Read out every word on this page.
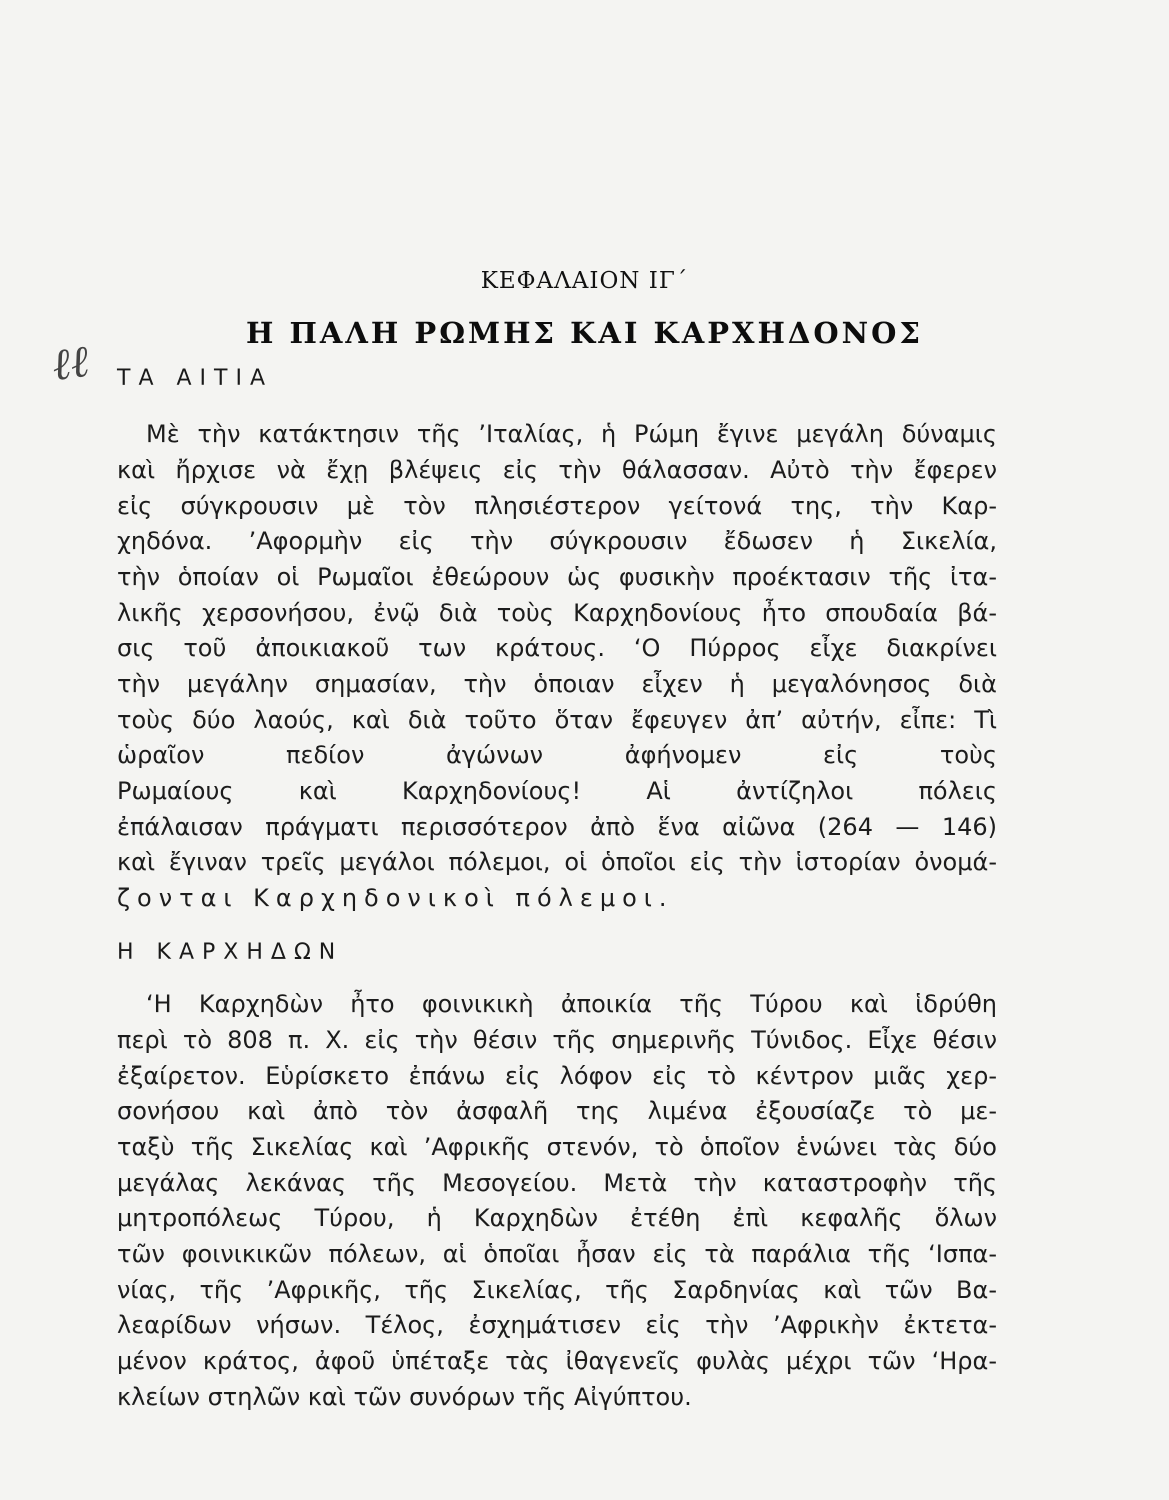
ΚΕΦΑΛΑΙΟΝ ΙΓ΄
Η ΠΑΛΗ ΡΩΜΗΣ ΚΑΙ ΚΑΡΧΗΔΟΝΟΣ
ℓℓ ΤΑ ΑΙΤΙΑ
Μὲ τὴν κατάκτησιν τῆς ’Ιταλίας, ἡ Ρώμη ἔγινε μεγάλη δύναμις
καὶ ἤρχισε νὰ ἔχῃ βλέψεις εἰς τὴν θάλασσαν. Αὐτὸ τὴν ἔφερεν
εἰς σύγκρουσιν μὲ τὸν πλησιέστερον γείτονά της, τὴν Καρ-
χηδόνα. ’Αφορμὴν εἰς τὴν σύγκρουσιν ἔδωσεν ἡ Σικελία,
τὴν ὁποίαν οἱ Ρωμαῖοι ἐθεώρουν ὡς φυσικὴν προέκτασιν τῆς ἰτα-
λικῆς χερσονήσου, ἐνῷ διὰ τοὺς Καρχηδονίους ἦτο σπουδαία βά-
σις τοῦ ἀποικιακοῦ των κράτους. ‘Ο Πύρρος εἶχε διακρίνει
τὴν μεγάλην σημασίαν, τὴν ὁποιαν εἶχεν ἡ μεγαλόνησος διὰ
τοὺς δύο λαούς, καὶ διὰ τοῦτο ὅταν ἔφευγεν ἀπ’ αὐτήν, εἶπε: Τὶ
ὡραῖον πεδίον ἀγώνων ἀφήνομεν εἰς τοὺς
Ρωμαίους καὶ Καρχηδονίους! Αἱ ἀντίζηλοι πόλεις
ἐπάλαισαν πράγματι περισσότερον ἀπὸ ἕνα αἰῶνα (264 — 146)
καὶ ἔγιναν τρεῖς μεγάλοι πόλεμοι, οἱ ὁποῖοι εἰς τὴν ἱστορίαν ὀνομά-
ζονται Καρχηδονικοὶ πόλεμοι.
Η ΚΑΡΧΗΔΩΝ
‘Η Καρχηδὼν ἦτο φοινικικὴ ἀποικία τῆς Τύρου καὶ ἱδρύθη
περὶ τὸ 808 π. Χ. εἰς τὴν θέσιν τῆς σημερινῆς Τύνιδος. Εἶχε θέσιν
ἐξαίρετον. Εὑρίσκετο ἐπάνω εἰς λόφον εἰς τὸ κέντρον μιᾶς χερ-
σονήσου καὶ ἀπὸ τὸν ἀσφαλῆ της λιμένα ἐξουσίαζε τὸ με-
ταξὺ τῆς Σικελίας καὶ ’Αφρικῆς στενόν, τὸ ὁποῖον ἑνώνει τὰς δύο
μεγάλας λεκάνας τῆς Μεσογείου. Μετὰ τὴν καταστροφὴν τῆς
μητροπόλεως Τύρου, ἡ Καρχηδὼν ἐτέθη ἐπὶ κεφαλῆς ὅλων
τῶν φοινικικῶν πόλεων, αἱ ὁποῖαι ἦσαν εἰς τὰ παράλια τῆς ‘Ισπα-
νίας, τῆς ’Αφρικῆς, τῆς Σικελίας, τῆς Σαρδηνίας καὶ τῶν Βα-
λεαρίδων νήσων. Τέλος, ἐσχημάτισεν εἰς τὴν ’Αφρικὴν ἐκτετα-
μένον κράτος, ἀφοῦ ὑπέταξε τὰς ἰθαγενεῖς φυλὰς μέχρι τῶν ‘Ηρα-
κλείων στηλῶν καὶ τῶν συνόρων τῆς Αἰγύπτου.
